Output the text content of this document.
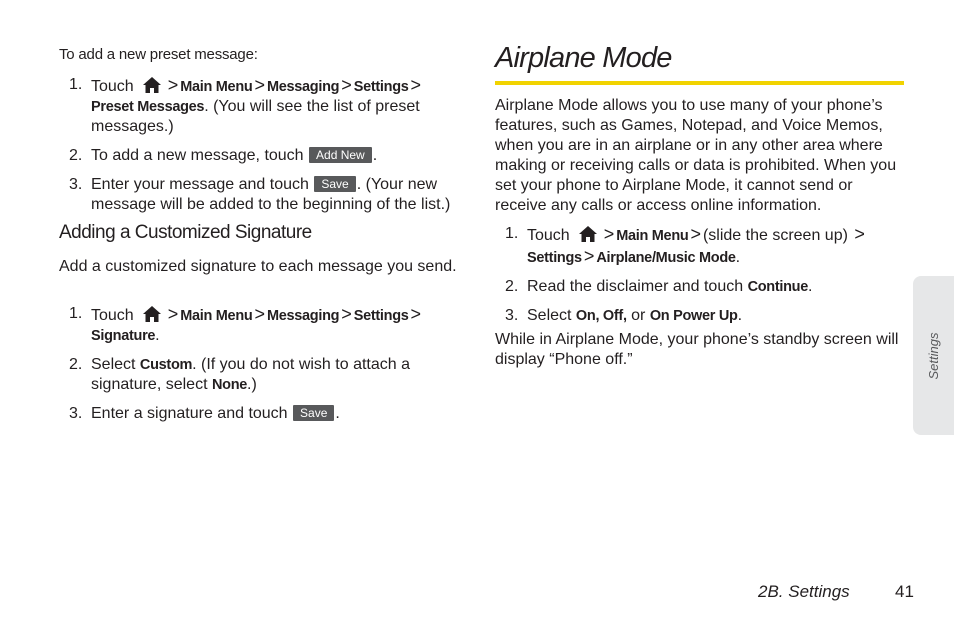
To add a new preset message:
1. Touch > Main Menu > Messaging > Settings >
Preset Messages. (You will see the list of preset messages.)
2. To add a new message, touch Add New .
3. Enter your message and touch Save . (Your new message will be added to the beginning of the list.)
Adding a Customized Signature

Add a customized signature to each message you send.

1. Touch > Main Menu > Messaging > Settings >
Signature.
2. Select Custom. (If you do not wish to attach a signature, select None.)
3. Enter a signature and touch Save .
Airplane Mode

Airplane Mode allows you to use many of your phone’s features, such as Games, Notepad, and Voice Memos, when you are in an airplane or in any other area where making or receiving calls or data is prohibited. When you set your phone to Airplane Mode, it cannot send or receive any calls or access online information.

1. Touch > Main Menu > (slide the screen up) >
Settings > Airplane/Music Mode.
2. Read the disclaimer and touch Continue.
3. Select On, Off, or On Power Up.

While in Airplane Mode, your phone’s standby screen will display “Phone off.”	Settings
2B. Settings	41
